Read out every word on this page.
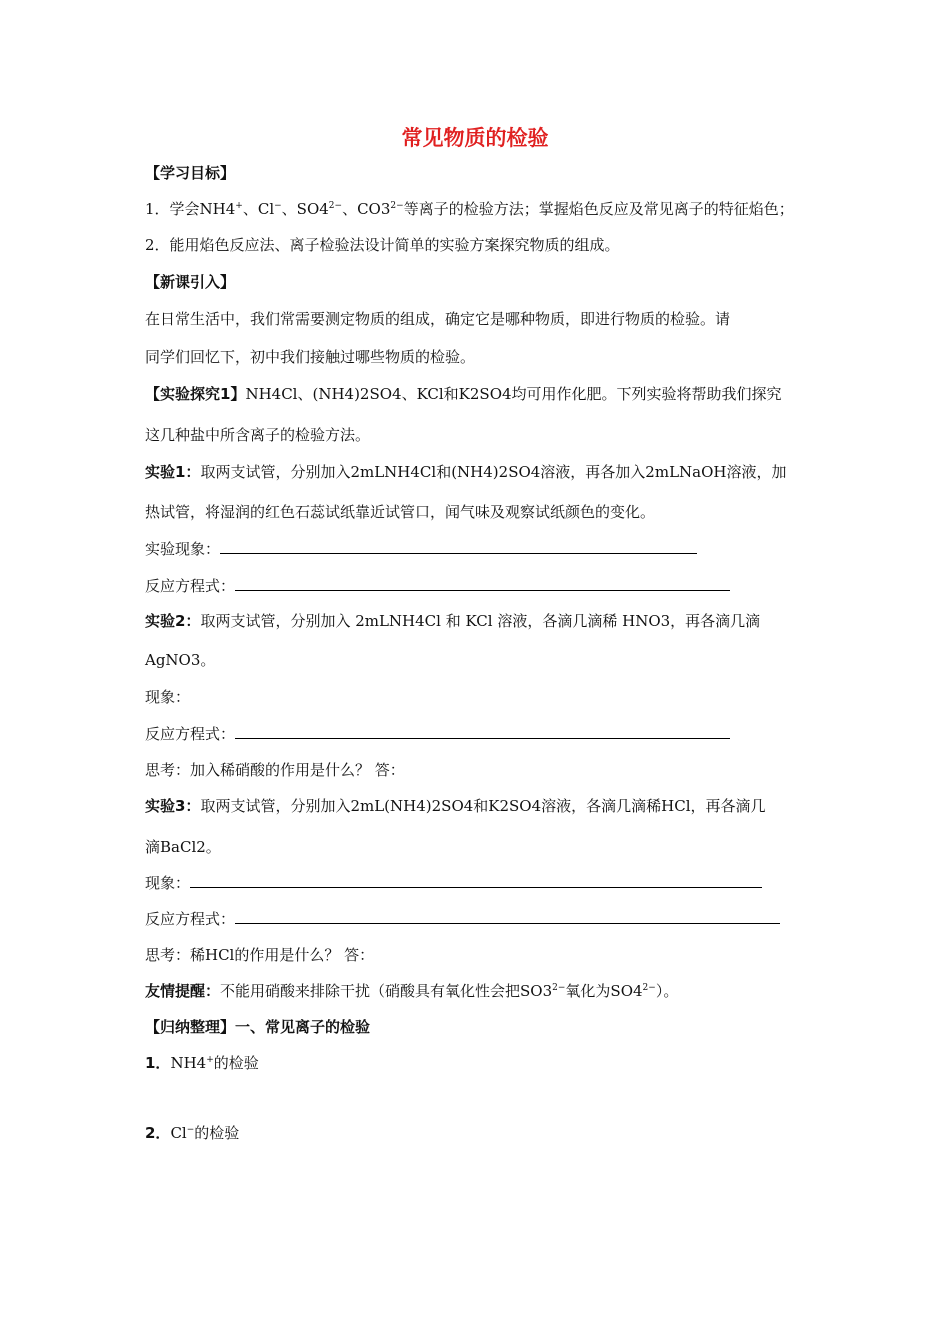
常见物质的检验
【学习目标】
1．学会NH4+、Cl−、$SO4^{2-}$、$CO3^{2-}$等离子的检验方法；掌握焰色反应及常见离子的特征焰色；
2．能用焰色反应法、离子检验法设计简单的实验方案探究物质的组成。
【新课引入】
在日常生活中，我们常需要测定物质的组成，确定它是哪种物质，即进行物质的检验。请
同学们回忆下，初中我们接触过哪些物质的检验。
【实验探究1】NH4Cl、(NH4)2SO4、KCl和K2SO4均可用作化肥。下列实验将帮助我们探究
这几种盐中所含离子的检验方法。
实验1：取两支试管，分别加入2mLNH4Cl和(NH4)2SO4溶液，再各加入2mLNaOH溶液，加
热试管，将湿润的红色石蕊试纸靠近试管口，闻气味及观察试纸颜色的变化。
实验现象：
反应方程式：
实验2：取两支试管，分别加入 2mLNH4Cl 和 KCl 溶液，各滴几滴稀 HNO3，再各滴几滴
AgNO3。
现象：
反应方程式：
思考：加入稀硝酸的作用是什么？ 答：
实验3：取两支试管，分别加入2mL(NH4)2SO4和K2SO4溶液，各滴几滴稀HCl，再各滴几
滴BaCl2。
现象：
反应方程式：
思考：稀HCl的作用是什么？ 答：
友情提醒：不能用硝酸来排除干扰（硝酸具有氧化性会把$SO3^{2-}$氧化为$SO4^{2-}$）。
【归纳整理】一、常见离子的检验
1．NH4+的检验
2．Cl−的检验
